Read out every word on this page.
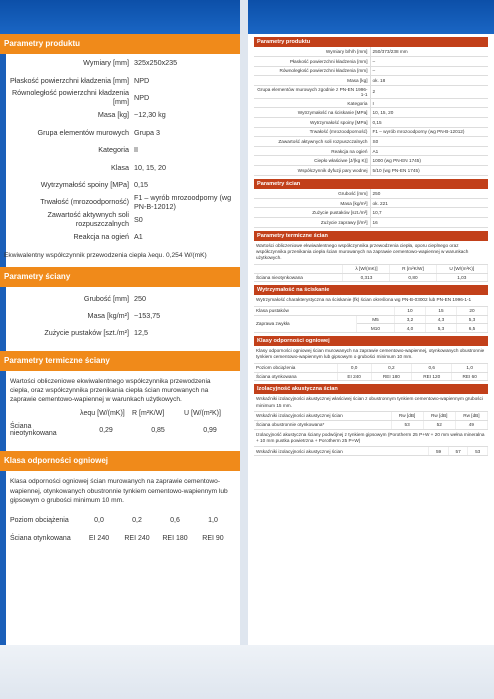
Parametry produktu
Wymiary [mm] 325x250x235
Płaskość powierzchni kładzenia [mm] NPD
Równoległość powierzchni kładzenia [mm]
NPD
Masa [kg] ~12,30 kg
Grupa elementów murowych Grupa 3
Kategoria II
Klasa 10, 15, 20
Wytrzymałość spoiny [MPa] 0,15
Trwałość (mrozoodporność) F1 – wyrób mrozoodporny (wg PN-B-12012)
Zawartość aktywnych soli rozpuszczalnych
S0
Reakcja na ogień A1
Ekwiwalentny współczynnik przewodzenia ciepła λequ. 0,254 W/(mK)
Parametry ściany
Grubość [mm] 250
Masa [kg/m²] ~153,75
Zużycie pustaków [szt./m²] 12,5
Parametry termiczne ściany
Wartości obliczeniowe ekwiwalentnego współczynnika przewodzenia ciepła, oraz współczynnika przenikania ciepła ścian murowanych na zaprawie cementowo-wapiennej w warunkach użytkowych.
λequ [W/(mK)] R [m²K/W]	U [W/(m²K)]
Ściana nieotynkowana	0,29	0,85	0,99
Klasa odporności ogniowej
Klasa odporności ogniowej ścian murowanych na zaprawie cementowo-wapiennej, otynkowanych obustronnie tynkiem cementowo-wapiennym lub gipsowym o grubości minimum 10 mm.
Poziom obciążenia	0,0	0,2	0,6	1,0
Ściana otynkowana	EI 240	REI 240	REI 180	REI 90
Parametry produktu
Wymiary b/h/h [mm]	250/373/238 mm
Płaskość powierzchni kładzenia [mm]	–
Równoległość powierzchni kładzenia [mm]	–
Masa [kg]	ok. 18
Grupa elementów murowych zgodnie z PN-EN 1996-1-1	2
Kategoria	I
Wytrzymałość na ściskanie [MPa]	10, 15, 20
Wytrzymałość spoiny [MPa]	0,15
Trwałość (mrozoodporność)	F1 – wyrób mrozoodporny (wg PN-B-12012)
Zawartość aktywnych soli rozpuszczalnych	S0
Reakcja na ogień	A1
Ciepło właściwe [J/(kg K)]	1000 (wg PN-EN 1745)
Współczynnik dyfuzji pary wodnej	5/10 (wg PN-EN 1745)
Parametry ścian
Grubość [mm]	250
Masa [kg/m²]	ok. 221
Zużycie pustaków [szt./m²]	10,7
Zużycie zaprawy [l/m²]	16
Parametry termiczne ścian
Wartości obliczeniowe ekwiwalentnego współczynnika przewodzenia ciepła, oporu cieplnego oraz współczynnika przenikania ciepła ścian murowanych na zaprawie cementowo-wapiennej w warunkach użytkowych.
	λ [W/(mK)]	R [m²K/W]	U [W/(m²K)]
Ściana nieotynkowana	0,313	0,80	1,03
Wytrzymałość na ściskanie
Wytrzymałość charakterystyczna na ściskanie (fk) ścian określona wg PN-B-03002 lub PN-EN 1996-1-1
Klasa pustaków		10	15	20
Zaprawa zwykła	M5	3,2	4,3	5,3
	M10	4,0	5,3	6,5
Klasy odporności ogniowej
Klasy odporności ogniowej ścian murowanych na zaprawie cementowo-wapiennej, otynkowanych obustronnie tynkiem cementowo-wapiennym lub gipsowym o grubości minimum 10 mm.
Poziom obciążenia	0,0	0,2	0,6	1,0
Ściana otynkowana	EI 240	REI 180	REI 120	REI 60
Izolacyjność akustyczna ścian
Wskaźniki izolacyjności akustycznej właściwej ścian z obustronnym tynkiem cementowo-wapiennym grubości minimum 15 mm.
Wskaźniki izolacyjności akustycznej ścian	Rw [dB]	Rw [dB]	Rw [dB]
Ściana obustronnie otynkowana*	53	52	49
Izolacyjność akustyczna ściany podwójnej z tynkiem gipsowym (Porotherm 25 P+W + 20 mm wełna mineralna + 10 mm pustka powietrzna + Porotherm 25 P+W)
Wskaźniki izolacyjności akustycznej ścian	59	57	53
